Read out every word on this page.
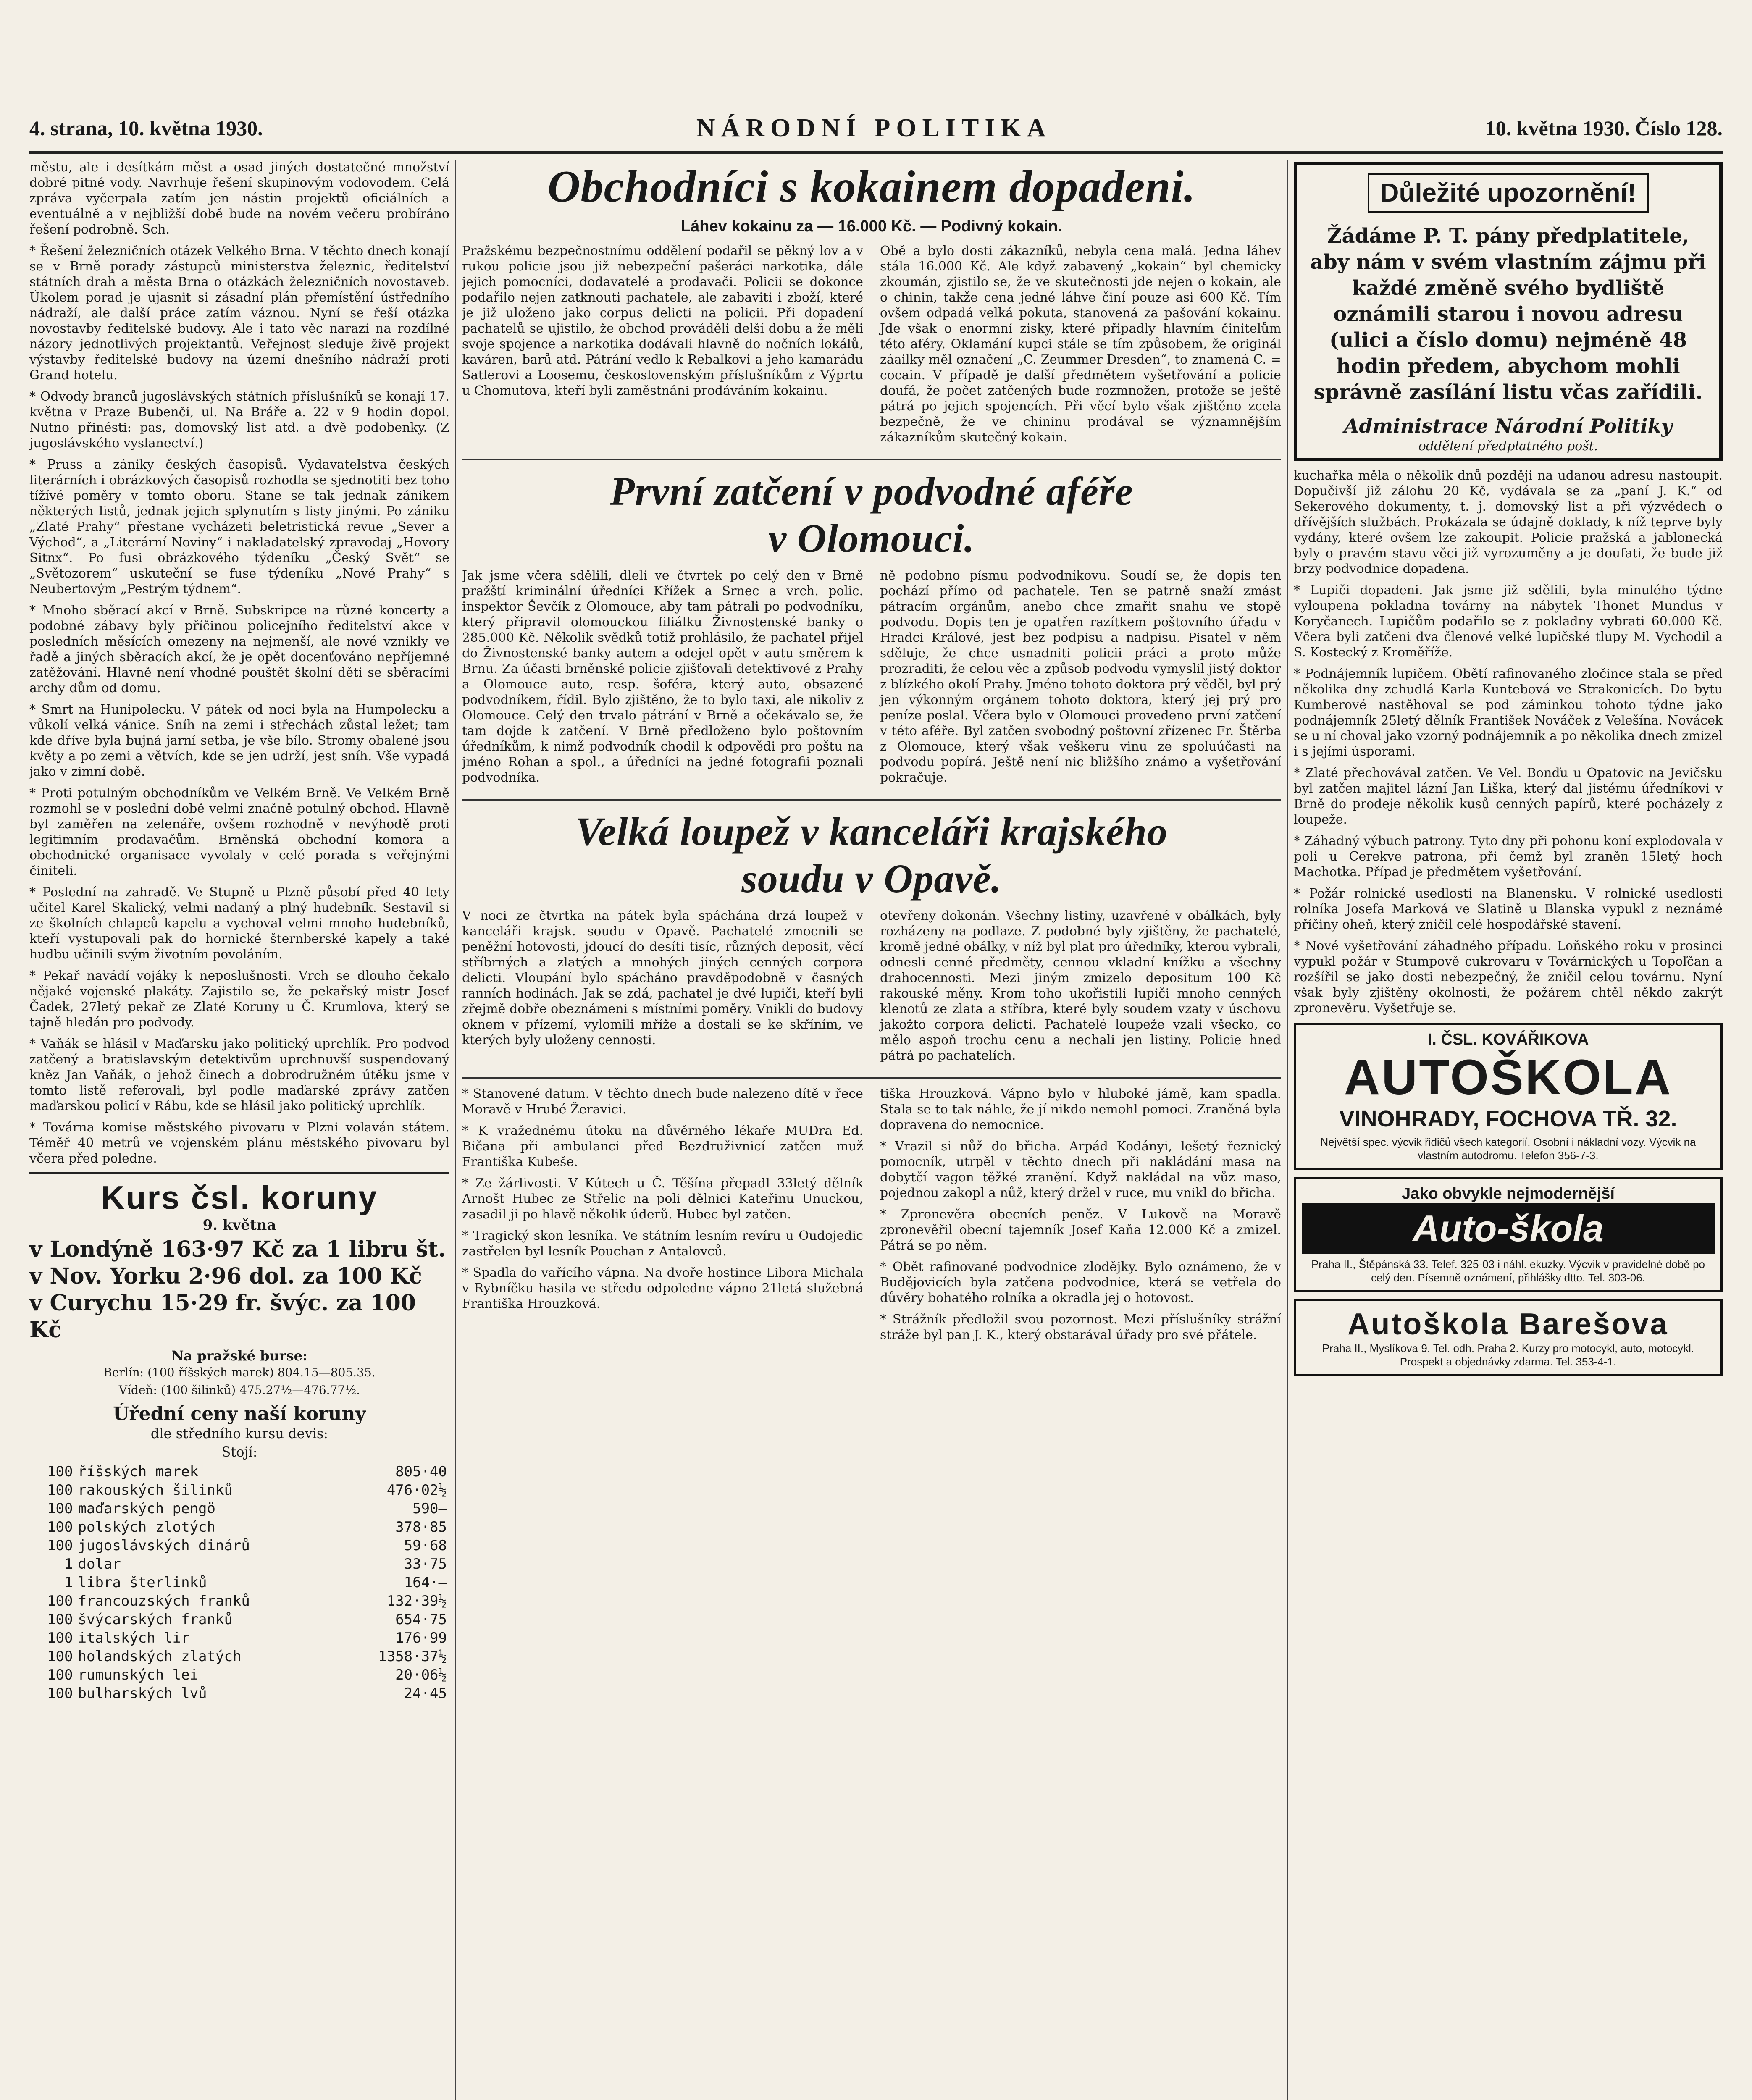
4. strana, 10. května 1930.	NÁRODNÍ POLITIKA	10. května 1930. Číslo 128.

městu, ale i desítkám měst a osad jiných dostatečné množství dobré pitné vody. Navrhuje řešení skupinovým vodovodem. Celá zpráva vyčerpala zatím jen nástin projektů oficiálních a eventuálně a v nejbližší době bude na novém večeru probíráno řešení podrobně. Sch.

* Řešení železničních otázek Velkého Brna. V těchto dnech konají se v Brně porady zástupců ministerstva železnic, ředitelství státních drah a města Brna o otázkách železničních novostaveb. Úkolem porad je ujasnit si zásadní plán přemístění ústředního nádraží, ale další práce zatím váznou. Nyní se řeší otázka novostavby ředitelské budovy. Ale i tato věc narazí na rozdílné názory jednotlivých projektantů. Veřejnost sleduje živě projekt výstavby ředitelské budovy na území dnešního nádraží proti Grand hotelu.

* Odvody branců jugoslávských státních příslušníků se konají 17. května v Praze Bubenči, ul. Na Bráře a. 22 v 9 hodin dopol. Nutno přinésti: pas, domovský list atd. a dvě podobenky. (Z jugoslávského vyslanectví.)

* Pruss a zániky českých časopisů. Vydavatelstva českých literárních i obrázkových časopisů rozhodla se sjednotiti bez toho tížívé poměry v tomto oboru. Stane se tak jednak zánikem některých listů, jednak jejich splynutím s listy jinými. Po zániku „Zlaté Prahy“ přestane vycházeti beletristická revue „Sever a Východ“, a „Literární Noviny“ i nakladatelský zpravodaj „Hovory Sitnx“. Po fusi obrázkového týdeníku „Český Svět“ se „Světozorem“ uskuteční se fuse týdeníku „Nové Prahy“ s Neubertovým „Pestrým týdnem“.

* Mnoho sběrací akcí v Brně. Subskripce na různé koncerty a podobné zábavy byly příčinou policejního ředitelství akce v posledních měsících omezeny na nejmenší, ale nové vznikly ve řadě a jiných sběracích akcí, že je opět docenťováno nepříjemné zatěžování. Hlavně není vhodné pouštět školní děti se sběracími archy dům od domu.

* Smrt na Hunipolecku. V pátek od noci byla na Humpolecku a vůkolí velká vánice. Sníh na zemi i střechách zůstal ležet; tam kde dříve byla bujná jarní setba, je vše bílo. Stromy obalené jsou květy a po zemi a větvích, kde se jen udrží, jest sníh. Vše vypadá jako v zimní době.

* Proti potulným obchodníkům ve Velkém Brně. Ve Velkém Brně rozmohl se v poslední době velmi značně potulný obchod. Hlavně byl zaměřen na zelenáře, ovšem rozhodně v nevýhodě proti legitimním prodavačům. Brněnská obchodní komora a obchodnické organisace vyvolaly v celé porada s veřejnými činiteli.

* Poslední na zahradě. Ve Stupně u Plzně působí před 40 lety učitel Karel Skalický, velmi nadaný a plný hudebník. Sestavil si ze školních chlapců kapelu a vychoval velmi mnoho hudebníků, kteří vystupovali pak do hornické šternberské kapely a také hudbu učinili svým životním povoláním.

* Pekař navádí vojáky k neposlušnosti. Vrch se dlouho čekalo nějaké vojenské plakáty. Zajistilo se, že pekařský mistr Josef Čadek, 27letý pekař ze Zlaté Koruny u Č. Krumlova, který se tajně hledán pro podvody.

* Vaňák se hlásil v Maďarsku jako politický uprchlík. Pro podvod zatčený a bratislavským detektivům uprchnuvší suspendovaný kněz Jan Vaňák, o jehož činech a dobrodružném útěku jsme v tomto listě referovali, byl podle maďarské zprávy zatčen maďarskou policí v Rábu, kde se hlásil jako politický uprchlík.

* Továrna komise městského pivovaru v Plzni volaván státem. Téměř 40 metrů ve vojenském plánu městského pivovaru byl včera před poledne.

Kurs čsl. koruny

9. května

v Londýně 163·97 Kč za 1 libru št.

v Nov. Yorku 2·96 dol. za 100 Kč

v Curychu 15·29 fr. švýc. za 100 Kč

Na pražské burse:

Berlín: (100 říšských marek) 804.15—805.35.

Vídeň: (100 šilinků) 475.27½—476.77½.

Úřední ceny naší koruny

dle středního kursu devis:

Stojí:

100	říšských marek	805·40
100	rakouských šilinků	476·02½
100	maďarských pengö	590—
100	polských zlotých	378·85
100	jugoslávských dinárů	59·68
1	dolar	33·75
1	libra šterlinků	164·—
100	francouzských franků	132·39½
100	švýcarských franků	654·75
100	italských lir	176·99
100	holandských zlatých	1358·37½
100	rumunských lei	20·06½
100	bulharských lvů	24·45
Obchodníci s kokainem dopadeni.

Láhev kokainu za — 16.000 Kč. — Podivný kokain.

Pražskému bezpečnostnímu oddělení podařil se pěkný lov a v rukou policie jsou již nebezpeční pašeráci narkotika, dále jejich pomocníci, dodavatelé a prodavači. Policii se dokonce podařilo nejen zatknouti pachatele, ale zabaviti i zboží, které je již uloženo jako corpus delicti na policii. Při dopadení pachatelů se ujistilo, že obchod prováděli delší dobu a že měli svoje spojence a narkotika dodávali hlavně do nočních lokálů, kaváren, barů atd. Pátrání vedlo k Rebalkovi a jeho kamarádu Satlerovi a Loosemu, československým příslušníkům z Výprtu u Chomutova, kteří byli zaměstnáni prodáváním kokainu.

Obě a bylo dosti zákazníků, nebyla cena malá. Jedna láhev stála 16.000 Kč. Ale když zabavený „kokain“ byl chemicky zkoumán, zjistilo se, že ve skutečnosti jde nejen o kokain, ale o chinin, takže cena jedné láhve činí pouze asi 600 Kč. Tím ovšem odpadá velká pokuta, stanovená za pašování kokainu. Jde však o enormní zisky, které připadly hlavním činitelům této aféry. Oklamání kupci stále se tím způsobem, že originál záailky měl označení „C. Zeummer Dresden“, to znamená C. = cocain. V případě je další předmětem vyšetřování a policie doufá, že počet zatčených bude rozmnožen, protože se ještě pátrá po jejich spojencích. Při věcí bylo však zjištěno zcela bezpečně, že ve chininu prodával se významnějším zákazníkům skutečný kokain.

První zatčení v podvodné aféře
v Olomouci.

Jak jsme včera sdělili, dlelí ve čtvrtek po celý den v Brně pražští kriminální úředníci Křížek a Srnec a vrch. polic. inspektor Ševčík z Olomouce, aby tam pátrali po podvodníku, který připravil olomouckou filiálku Živnostenské banky o 285.000 Kč. Několik svědků totiž prohlásilo, že pachatel přijel do Živnostenské banky autem a odejel opět v autu směrem k Brnu. Za účasti brněnské policie zjišťovali detektivové z Prahy a Olomouce auto, resp. šoféra, který auto, obsazené podvodníkem, řídil. Bylo zjištěno, že to bylo taxi, ale nikoliv z Olomouce. Celý den trvalo pátrání v Brně a očekávalo se, že tam dojde k zatčení. V Brně předloženo bylo poštovním úředníkům, k nimž podvodník chodil k odpovědi pro poštu na jméno Rohan a spol., a úředníci na jedné fotografii poznali podvodníka.

ně podobno písmu podvodníkovu. Soudí se, že dopis ten pochází přímo od pachatele. Ten se patrně snaží zmást pátracím orgánům, anebo chce zmařit snahu ve stopě podvodu. Dopis ten je opatřen razítkem poštovního úřadu v Hradci Králové, jest bez podpisu a nadpisu. Pisatel v něm sděluje, že chce usnadniti policii práci a proto může prozraditi, že celou věc a způsob podvodu vymyslil jistý doktor z blízkého okolí Prahy. Jméno tohoto doktora prý věděl, byl prý jen výkonným orgánem tohoto doktora, který jej prý pro peníze poslal. Včera bylo v Olomouci provedeno první zatčení v této aféře. Byl zatčen svobodný poštovní zřízenec Fr. Štěrba z Olomouce, který však veškeru vinu ze spoluúčasti na podvodu popírá. Ještě není nic bližšího známo a vyšetřování pokračuje.

Velká loupež v kanceláři krajského
soudu v Opavě.

V noci ze čtvrtka na pátek byla spáchána drzá loupež v kanceláři krajsk. soudu v Opavě. Pachatelé zmocnili se peněžní hotovosti, jdoucí do desíti tisíc, různých deposit, věcí stříbrných a zlatých a mnohých jiných cenných corpora delicti. Vloupání bylo spácháno pravděpodobně v časných ranních hodinách. Jak se zdá, pachatel je dvé lupiči, kteří byli zřejmě dobře obeznámeni s místními poměry. Vnikli do budovy oknem v přízemí, vylomili mříže a dostali se ke skříním, ve kterých byly uloženy cennosti.

otevřeny dokonán. Všechny listiny, uzavřené v obálkách, byly rozházeny na podlaze. Z podobné byly zjištěny, že pachatelé, kromě jedné obálky, v níž byl plat pro úředníky, kterou vybrali, odnesli cenné předměty, cennou vkladní knížku a všechny drahocennosti. Mezi jiným zmizelo depositum 100 Kč rakouské měny. Krom toho ukořistili lupiči mnoho cenných klenotů ze zlata a stříbra, které byly soudem vzaty v úschovu jakožto corpora delicti. Pachatelé loupeže vzali všecko, co mělo aspoň trochu cenu a nechali jen listiny. Policie hned pátrá po pachatelích.

* Stanovené datum. V těchto dnech bude nalezeno dítě v řece Moravě v Hrubé Žeravici.

* K vražednému útoku na důvěrného lékaře MUDra Ed. Bičana při ambulanci před Bezdruživnicí zatčen muž Františka Kubeše.

* Ze žárlivosti. V Kútech u Č. Těšína přepadl 33letý dělník Arnošt Hubec ze Střelic na poli dělnici Kateřinu Unuckou, zasadil ji po hlavě několik úderů. Hubec byl zatčen.

* Tragický skon lesníka. Ve státním lesním revíru u Oudojedic zastřelen byl lesník Pouchan z Antalovců.

* Spadla do vařícího vápna. Na dvoře hostince Libora Michala v Rybníčku hasila ve středu odpoledne vápno 21letá služebná Františka Hrouzková.

tiška Hrouzková. Vápno bylo v hluboké jámě, kam spadla. Stala se to tak náhle, že jí nikdo nemohl pomoci. Zraněná byla dopravena do nemocnice.

* Vrazil si nůž do břicha. Arpád Kodányi, lešetý řeznický pomocník, utrpěl v těchto dnech při nakládání masa na dobytčí vagon těžké zranění. Když nakládal na vůz maso, pojednou zakopl a nůž, který držel v ruce, mu vnikl do břicha.

* Zpronevěra obecních peněz. V Lukově na Moravě zpronevěřil obecní tajemník Josef Kaňa 12.000 Kč a zmizel. Pátrá se po něm.

* Obět rafinované podvodnice zlodějky. Bylo oznámeno, že v Budějovicích byla zatčena podvodnice, která se vetřela do důvěry bohatého rolníka a okradla jej o hotovost.

* Strážník předložil svou pozornost. Mezi příslušníky strážní stráže byl pan J. K., který obstarával úřady pro své přátele.

Důležité upozornění!

Žádáme P. T. pány předplatitele, aby nám v svém vlastním zájmu při každé změně svého bydliště oznámili starou i novou adresu (ulici a číslo domu) nejméně 48 hodin předem, abychom mohli správně zasílání listu včas zařídili.

Administrace Národní Politiky

oddělení předplatného pošt.

kuchařka měla o několik dnů později na udanou adresu nastoupit. Dopučivší již zálohu 20 Kč, vydávala se za „paní J. K.“ od Sekerového dokumenty, t. j. domovský list a při výzvědech o dřívějších službách. Prokázala se údajně doklady, k níž teprve byly vydány, které ovšem lze zakoupit. Policie pražská a jablonecká byly o pravém stavu věci již vyrozuměny a je doufati, že bude již brzy podvodnice dopadena.

* Lupiči dopadeni. Jak jsme již sdělili, byla minulého týdne vyloupena pokladna továrny na nábytek Thonet Mundus v Koryčanech. Lupičům podařilo se z pokladny vybrati 60.000 Kč. Včera byli zatčeni dva členové velké lupičské tlupy M. Vychodil a S. Kostecký z Kroměříže.

* Podnájemník lupičem. Obětí rafinovaného zločince stala se před několika dny zchudlá Karla Kuntebová ve Strakonicích. Do bytu Kumberové nastěhoval se pod záminkou tohoto týdne jako podnájemník 25letý dělník František Nováček z Velešína. Novácek se u ní choval jako vzorný podnájemník a po několika dnech zmizel i s jejími úsporami.

* Zlaté přechovával zatčen. Ve Vel. Bonďu u Opatovic na Jevičsku byl zatčen majitel lázní Jan Liška, který dal jistému úředníkovi v Brně do prodeje několik kusů cenných papírů, které pocházely z loupeže.

* Záhadný výbuch patrony. Tyto dny při pohonu koní explodovala v poli u Cerekve patrona, při čemž byl zraněn 15letý hoch Machotka. Případ je předmětem vyšetřování.

* Požár rolnické usedlosti na Blanensku. V rolnické usedlosti rolníka Josefa Marková ve Slatině u Blanska vypukl z neznámé příčiny oheň, který zničil celé hospodářské stavení.

* Nové vyšetřování záhadného případu. Loňského roku v prosinci vypukl požár v Stumpově cukrovaru v Továrnických u Topoľčan a rozšířil se jako dosti nebezpečný, že zničil celou továrnu. Nyní však byly zjištěny okolnosti, že požárem chtěl někdo zakrýt zpronevěru. Vyšetřuje se.

I. ČSL. KOVÁŘIKOVA

AUTOŠKOLA

VINOHRADY, FOCHOVA TŘ. 32.

Největší spec. výcvik řidičů všech kategorií. Osobní i nákladní vozy. Výcvik na vlastním autodromu. Telefon 356-7-3.

Jako obvykle nejmodernější

Auto-škola

Praha II., Štěpánská 33. Telef. 325-03 i náhl. ekuzky. Výcvik v pravidelné době po celý den. Písemně oznámení, přihlášky dtto. Tel. 303-06.

Autoškola Barešova

Praha II., Myslíkova 9. Tel. odh. Praha 2. Kurzy pro motocykl, auto, motocykl. Prospekt a objednávky zdarma. Tel. 353-4-1.
